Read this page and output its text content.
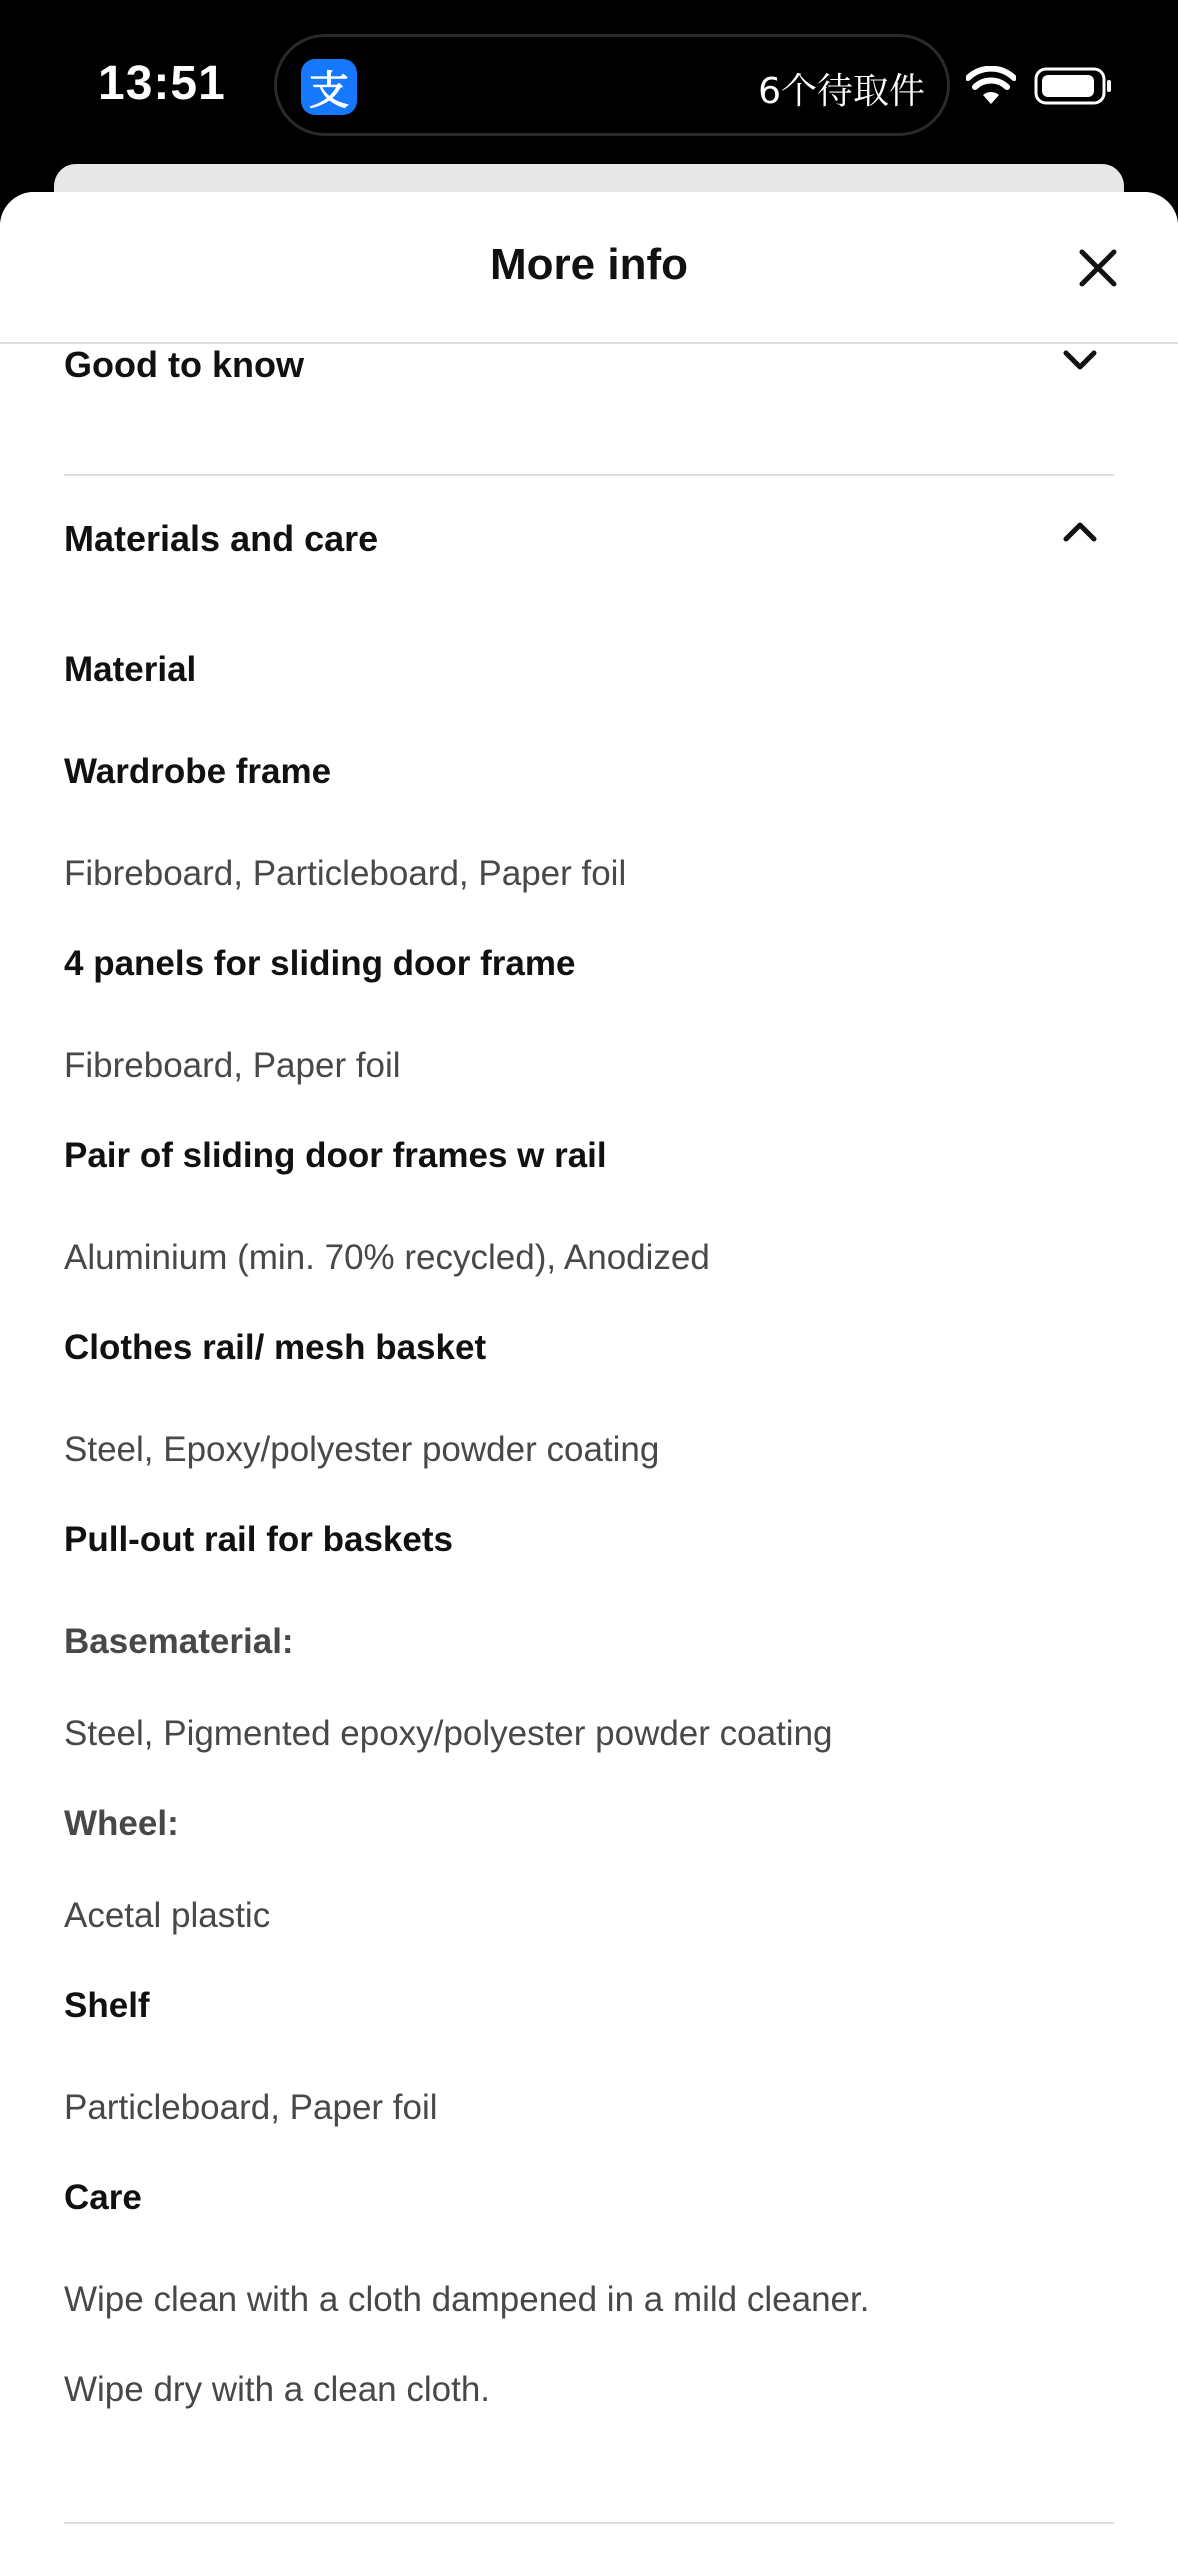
13:51 支	6个待取件
More info
Good to know
Materials and care
Material
Wardrobe frame
Fibreboard, Particleboard, Paper foil
4 panels for sliding door frame
Fibreboard, Paper foil
Pair of sliding door frames w rail
Aluminium (min. 70% recycled), Anodized
Clothes rail/ mesh basket
Steel, Epoxy/polyester powder coating
Pull-out rail for baskets
Basematerial:
Steel, Pigmented epoxy/polyester powder coating
Wheel:
Acetal plastic
Shelf
Particleboard, Paper foil
Care
Wipe clean with a cloth dampened in a mild cleaner.
Wipe dry with a clean cloth.
